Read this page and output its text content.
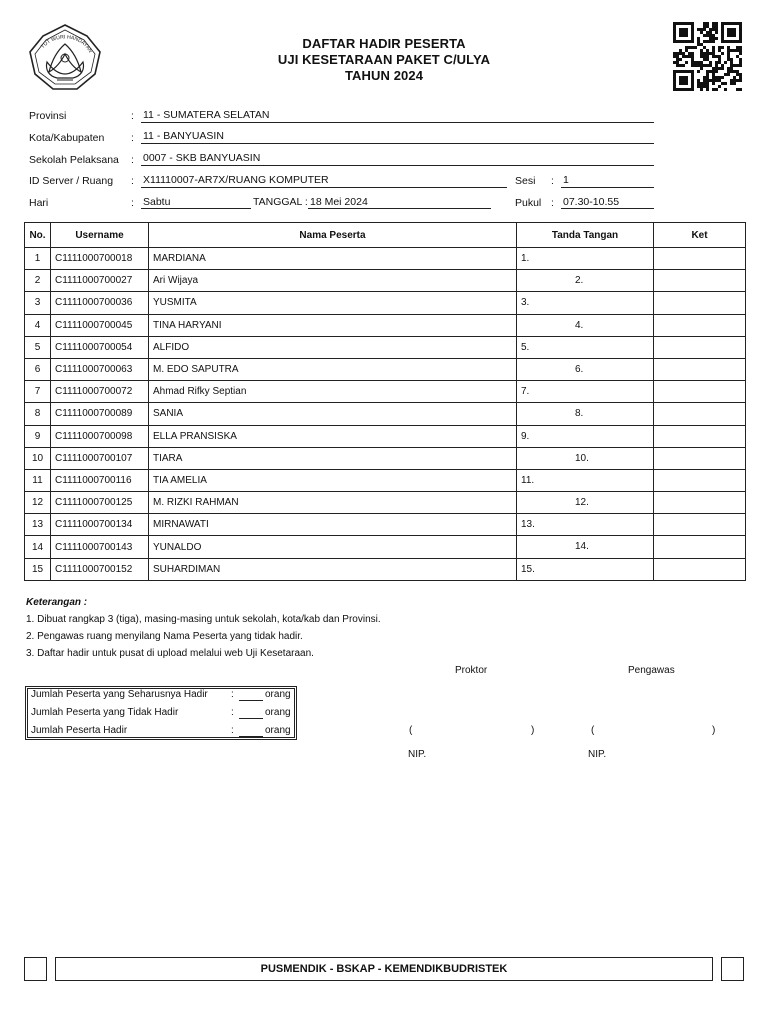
TUT WURI HANDAYAN	DAFTAR HADIR PESERTA
UJI KESETARAAN PAKET C/ULYA
TAHUN 2024
Provinsi	: 11 - SUMATERA SELATAN
Kota/Kabupaten	: 11 - BANYUASIN
Sekolah Pelaksana : 0007 - SKB BANYUASIN
ID Server / Ruang : X11110007-AR7X/RUANG KOMPUTER	Sesi : 1
Hari	: Sabtu	TANGGAL : 18 Mei 2024	Pukul : 07.30-10.55
No.	Username	Nama Peserta	Tanda Tangan	Ket
1	C1111000700018	MARDIANA	1.	

2	C1111000700027	Ari Wijaya	2.	

3	C1111000700036	YUSMITA	3.	

4	C1111000700045	TINA HARYANI	4.	

5	C1111000700054	ALFIDO	5.	

6	C1111000700063	M. EDO SAPUTRA	6.	

7	C1111000700072	Ahmad Rifky Septian	7.	

8	C1111000700089	SANIA	8.	

9	C1111000700098	ELLA PRANSISKA	9.	

10	C1111000700107	TIARA	10.	

11	C1111000700116	TIA AMELIA	11.	

12	C1111000700125	M. RIZKI RAHMAN	12.	

13	C1111000700134	MIRNAWATI	13.	

14	C1111000700143	YUNALDO	14.	

15	C1111000700152	SUHARDIMAN	15.	

Keterangan :
1. Dibuat rangkap 3 (tiga), masing-masing untuk sekolah, kota/kab dan Provinsi.
2. Pengawas ruang menyilang Nama Peserta yang tidak hadir.
3. Daftar hadir untuk pusat di upload melalui web Uji Kesetaraan.
Jumlah Peserta yang Seharusnya Hadir :	orang
Jumlah Peserta yang Tidak Hadir	:	orang
Jumlah Peserta Hadir	:	orang
Proktor	Pengawas
(	)	(	)
NIP.	NIP.
PUSMENDIK - BSKAP - KEMENDIKBUDRISTEK
